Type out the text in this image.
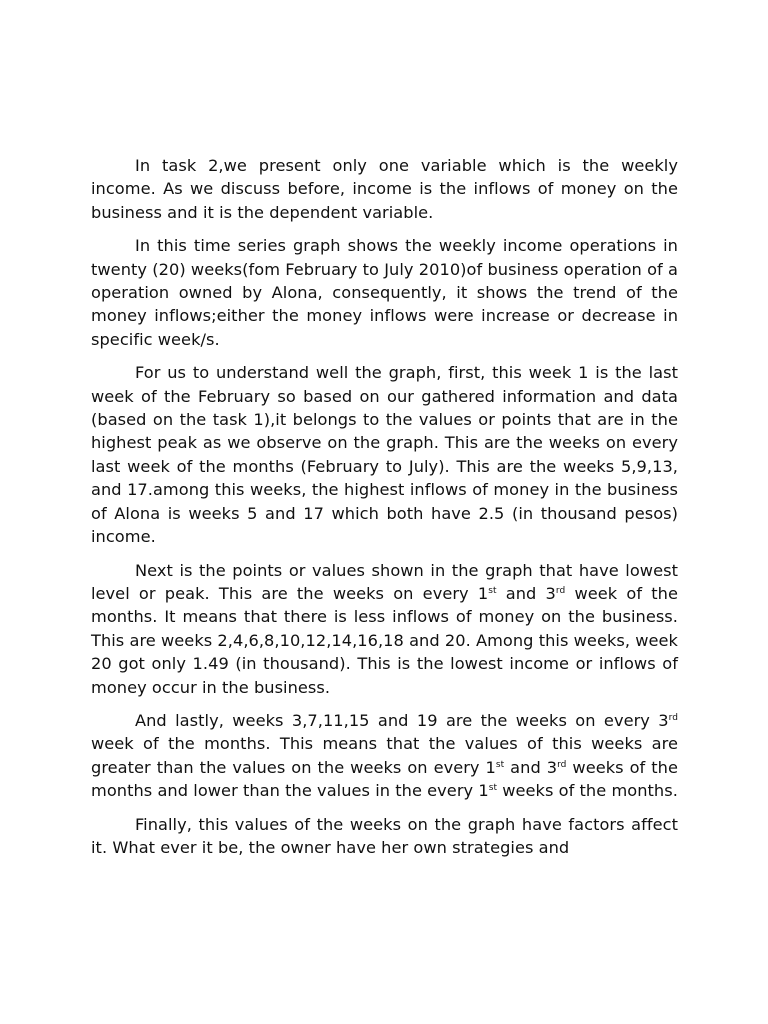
In task 2,we present only one variable which is the weekly income. As we discuss before, income is the inflows of money on the business and it is the dependent variable.

In this time series graph shows the weekly income operations in twenty (20) weeks(fom February to July 2010)of business operation of a operation owned by Alona, consequently, it shows the trend of the money inflows;either the money inflows were increase or decrease in specific week/s.

For us to understand well the graph, first, this week 1 is the last week of the February so based on our gathered information and data (based on the task 1),it belongs to the values or points that are in the highest peak as we observe on the graph. This are the weeks on every last week of the months (February to July). This are the weeks 5,9,13, and 17.among this weeks, the highest inflows of money in the business of Alona is weeks 5 and 17 which both have 2.5 (in thousand pesos) income.

Next is the points or values shown in the graph that have lowest level or peak. This are the weeks on every 1st and 3rd week of the months. It means that there is less inflows of money on the business. This are weeks 2,4,6,8,10,12,14,16,18 and 20. Among this weeks, week 20 got only 1.49 (in thousand). This is the lowest income or inflows of money occur in the business.

And lastly, weeks 3,7,11,15 and 19 are the weeks on every 3rd week of the months. This means that the values of this weeks are greater than the values on the weeks on every 1st and 3rd weeks of the months and lower than the values in the every 1st weeks of the months.

Finally, this values of the weeks on the graph have factors affect it. What ever it be, the owner have her own strategies and
